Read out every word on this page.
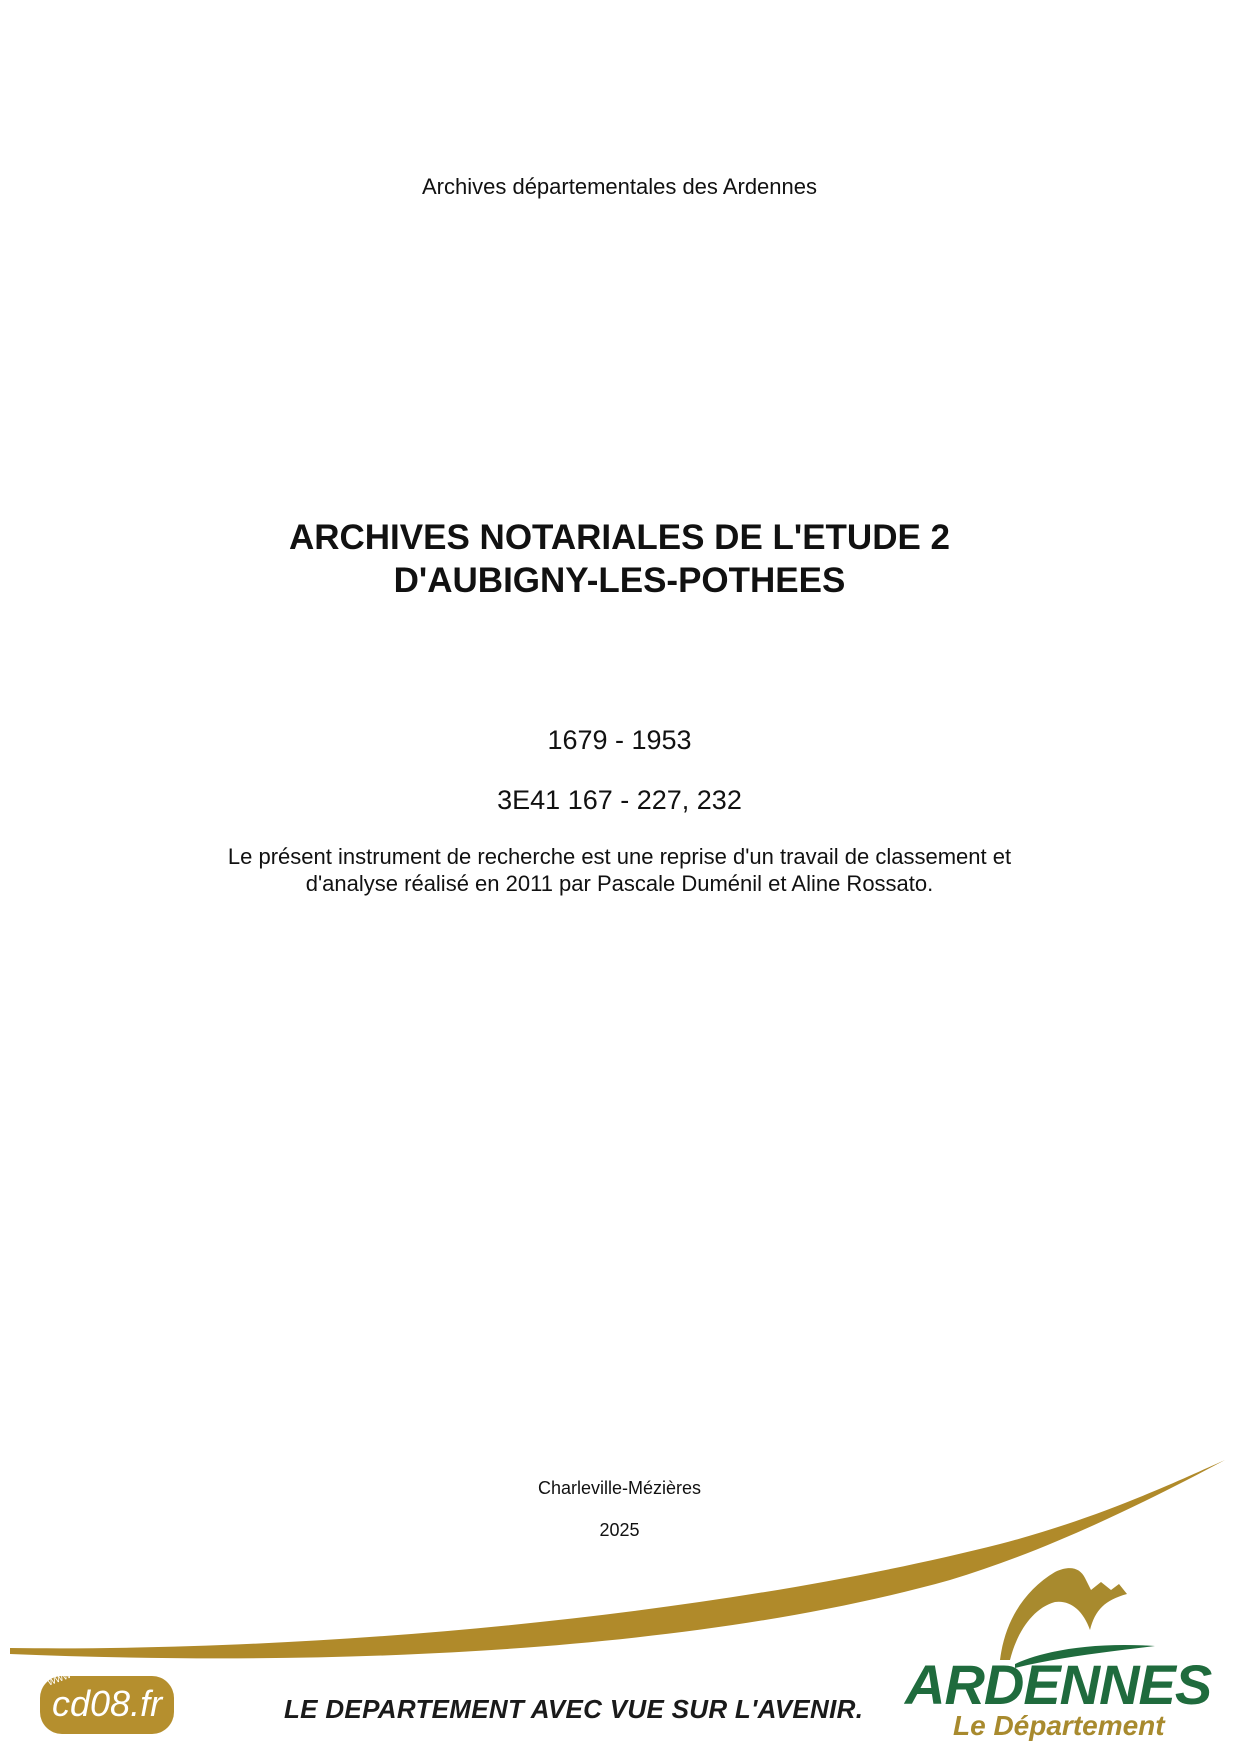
Archives départementales des Ardennes
ARCHIVES NOTARIALES DE L'ETUDE 2
D'AUBIGNY-LES-POTHEES
1679 - 1953
3E41 167 - 227, 232
Le présent instrument de recherche est une reprise d'un travail de classement et
d'analyse réalisé en 2011 par Pascale Duménil et Aline Rossato.
Charleville-Mézières
2025
www
cd08.fr	LE DEPARTEMENT AVEC VUE SUR L'AVENIR. ARDENNES
Le Département
